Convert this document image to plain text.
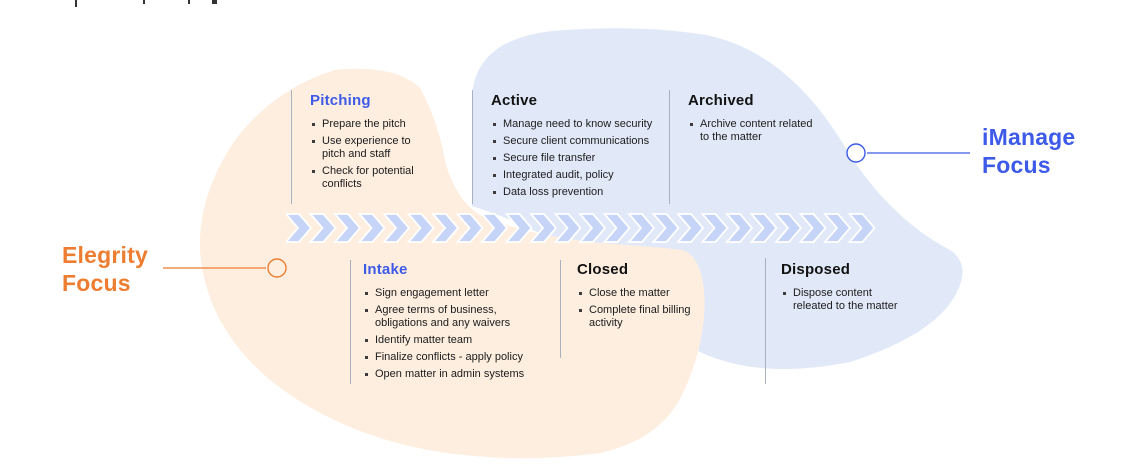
Pitching
Prepare the pitch
Use experience to pitch and staff
Check for potential conflicts
Active
Manage need to know security
Secure client communications
Secure file transfer
Integrated audit, policy
Data loss prevention
Archived
Archive content related to the matter
Intake
Sign engagement letter
Agree terms of business, obligations and any waivers
Identify matter team
Finalize conflicts - apply policy
Open matter in admin systems
Closed
Close the matter
Complete final billing activity
Disposed
Dispose content releated to the matter
Elegrity
Focus
iManage
Focus
